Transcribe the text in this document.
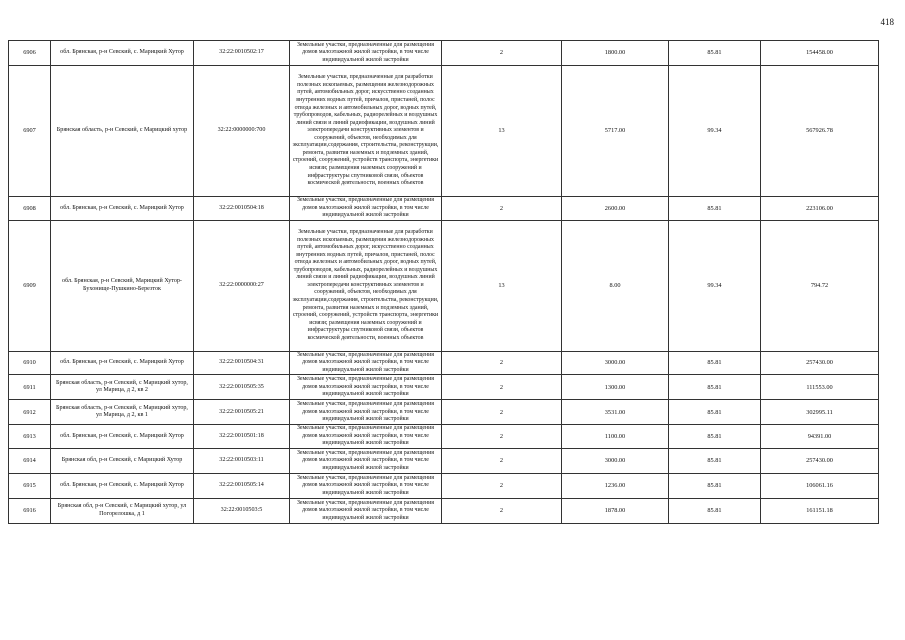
418
6906	обл. Брянская, р-н Севский, с. Марицкий Хутор	32:22:0010502:17	Земельные участки, предназначенные для размещения домов малоэтажной жилой застройки, в том числе индивидуальной жилой застройки	2	1800.00	85.81	154458.00
6907	Брянская область, р-н Севский, с Марицкий хутор	32:22:0000000:700	Земельные участки, предназначенные для разработки полезных ископаемых, размещения железнодорожных путей, автомобильных дорог, искусственно созданных внутренних водных путей, причалов, пристаней, полос отвода железных и автомобильных дорог, водных путей, трубопроводов, кабельных, радиорелейных и воздушных линий связи и линий радиофикации, воздушных линий электропередачи конструктивных элементов и сооружений, объектов, необходимых для эксплуатации,содержания, строительства, реконструкции, ремонта, развития наземных и подземных зданий, строений, сооружений, устройств транспорта, энергетики исвязи; размещения наземных сооружений и инфраструктуры спутниковой связи, объектов космической деятельности, военных объектов	13	5717.00	99.34	567926.78
6908	обл. Брянская, р-н Севский, с. Марицкий Хутор	32:22:0010504:18	Земельные участки, предназначенные для размещения домов малоэтажной жилой застройки, в том числе индивидуальной жилой застройки	2	2600.00	85.81	223106.00
6909	обл. Брянская, р-н Севский, Марицкий Хутор-Бухонище-Пушкино-Березток	32:22:0000000:27	Земельные участки, предназначенные для разработки полезных ископаемых, размещения железнодорожных путей, автомобильных дорог, искусственно созданных внутренних водных путей, причалов, пристаней, полос отвода железных и автомобильных дорог, водных путей, трубопроводов, кабельных, радиорелейных и воздушных линий связи и линий радиофикации, воздушных линий электропередачи конструктивных элементов и сооружений, объектов, необходимых для эксплуатации,содержания, строительства, реконструкции, ремонта, развития наземных и подземных зданий, строений, сооружений, устройств транспорта, энергетики исвязи; размещения наземных сооружений и инфраструктуры спутниковой связи, объектов космической деятельности, военных объектов	13	8.00	99.34	794.72
6910	обл. Брянская, р-н Севский, с. Марицкий Хутор	32:22:0010504:31	Земельные участки, предназначенные для размещения домов малоэтажной жилой застройки, в том числе индивидуальной жилой застройки	2	3000.00	85.81	257430.00
6911	Брянская область, р-н Севский, с Марицкий хутор, ул Марица, д 2, кв 2	32:22:0010505:35	Земельные участки, предназначенные для размещения домов малоэтажной жилой застройки, в том числе индивидуальной жилой застройки	2	1300.00	85.81	111553.00
6912	Брянская область, р-н Севский, с Марицкий хутор, ул Марица, д 2, кв 1	32:22:0010505:21	Земельные участки, предназначенные для размещения домов малоэтажной жилой застройки, в том числе индивидуальной жилой застройки	2	3531.00	85.81	302995.11
6913	обл. Брянская, р-н Севский, с. Марицкий Хутор	32:22:0010501:18	Земельные участки, предназначенные для размещения домов малоэтажной жилой застройки, в том числе индивидуальной жилой застройки	2	1100.00	85.81	94391.00
6914	Брянская обл, р-н Севский, с Марицкий Хутор	32:22:0010503:11	Земельные участки, предназначенные для размещения домов малоэтажной жилой застройки, в том числе индивидуальной жилой застройки	2	3000.00	85.81	257430.00
6915	обл. Брянская, р-н Севский, с. Марицкий Хутор	32:22:0010505:14	Земельные участки, предназначенные для размещения домов малоэтажной жилой застройки, в том числе индивидуальной жилой застройки	2	1236.00	85.81	106061.16
6916	Брянская обл, р-н Севский, с Марицкий хутор, ул Погорелошка, д 1	32:22:0010503:5	Земельные участки, предназначенные для размещения домов малоэтажной жилой застройки, в том числе индивидуальной жилой застройки	2	1878.00	85.81	161151.18
